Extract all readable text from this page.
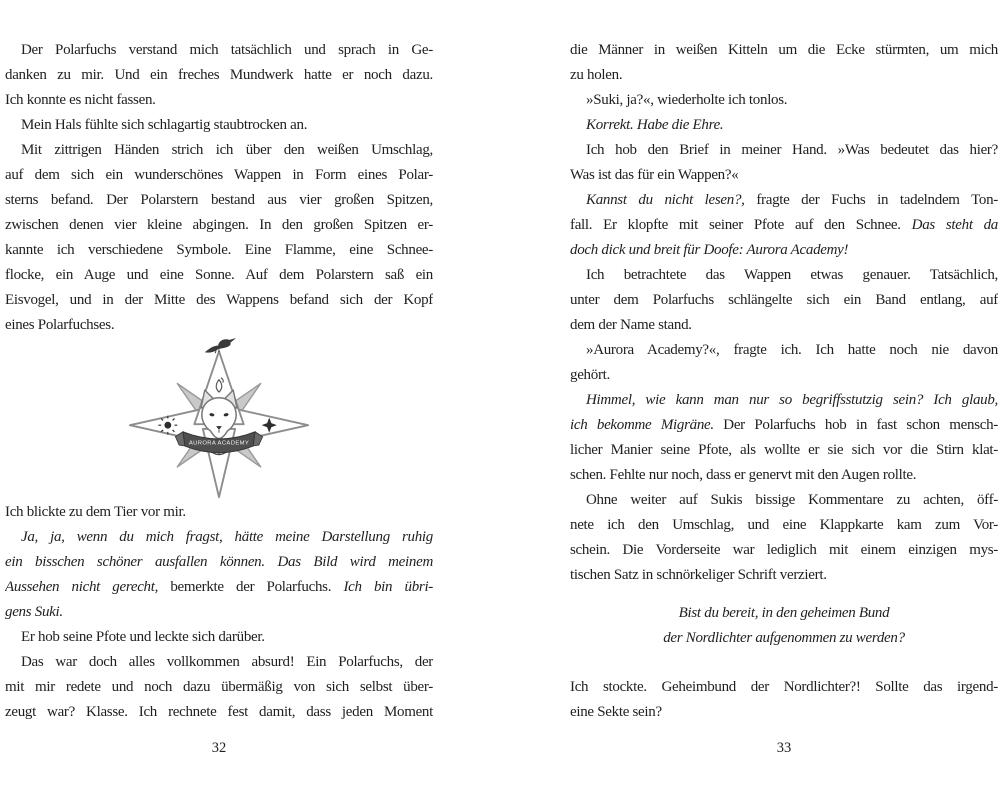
Der Polarfuchs verstand mich tatsächlich und sprach in Ge-
danken zu mir. Und ein freches Mundwerk hatte er noch dazu.
Ich konnte es nicht fassen.
Mein Hals fühlte sich schlagartig staubtrocken an.
Mit zittrigen Händen strich ich über den weißen Umschlag,
auf dem sich ein wunderschönes Wappen in Form eines Polar-
sterns befand. Der Polarstern bestand aus vier großen Spitzen,
zwischen denen vier kleine abgingen. In den großen Spitzen er-
kannte ich verschiedene Symbole. Eine Flamme, eine Schnee-
flocke, ein Auge und eine Sonne. Auf dem Polarstern saß ein
Eisvogel, und in der Mitte des Wappens befand sich der Kopf
eines Polarfuchses.
AURORA ACADEMY
Ich blickte zu dem Tier vor mir.
Ja, ja, wenn du mich fragst, hätte meine Darstellung ruhig
ein bisschen schöner ausfallen können. Das Bild wird meinem
Aussehen nicht gerecht, bemerkte der Polarfuchs. Ich bin übri-
gens Suki.
Er hob seine Pfote und leckte sich darüber.
Das war doch alles vollkommen absurd! Ein Polarfuchs, der
mit mir redete und noch dazu übermäßig von sich selbst über-
zeugt war? Klasse. Ich rechnete fest damit, dass jeden Moment
32
die Männer in weißen Kitteln um die Ecke stürmten, um mich
zu holen.
»Suki, ja?«, wiederholte ich tonlos.
Korrekt. Habe die Ehre.
Ich hob den Brief in meiner Hand. »Was bedeutet das hier?
Was ist das für ein Wappen?«
Kannst du nicht lesen?, fragte der Fuchs in tadelndem Ton-
fall. Er klopfte mit seiner Pfote auf den Schnee. Das steht da
doch dick und breit für Doofe: Aurora Academy!
Ich betrachtete das Wappen etwas genauer. Tatsächlich,
unter dem Polarfuchs schlängelte sich ein Band entlang, auf
dem der Name stand.
»Aurora Academy?«, fragte ich. Ich hatte noch nie davon
gehört.
Himmel, wie kann man nur so begriffsstutzig sein? Ich glaub,
ich bekomme Migräne. Der Polarfuchs hob in fast schon mensch-
licher Manier seine Pfote, als wollte er sie sich vor die Stirn klat-
schen. Fehlte nur noch, dass er genervt mit den Augen rollte.
Ohne weiter auf Sukis bissige Kommentare zu achten, öff-
nete ich den Umschlag, und eine Klappkarte kam zum Vor-
schein. Die Vorderseite war lediglich mit einem einzigen mys-
tischen Satz in schnörkeliger Schrift verziert.
Bist du bereit, in den geheimen Bund
der Nordlichter aufgenommen zu werden?
Ich stockte. Geheimbund der Nordlichter?! Sollte das irgend-
eine Sekte sein?
33
